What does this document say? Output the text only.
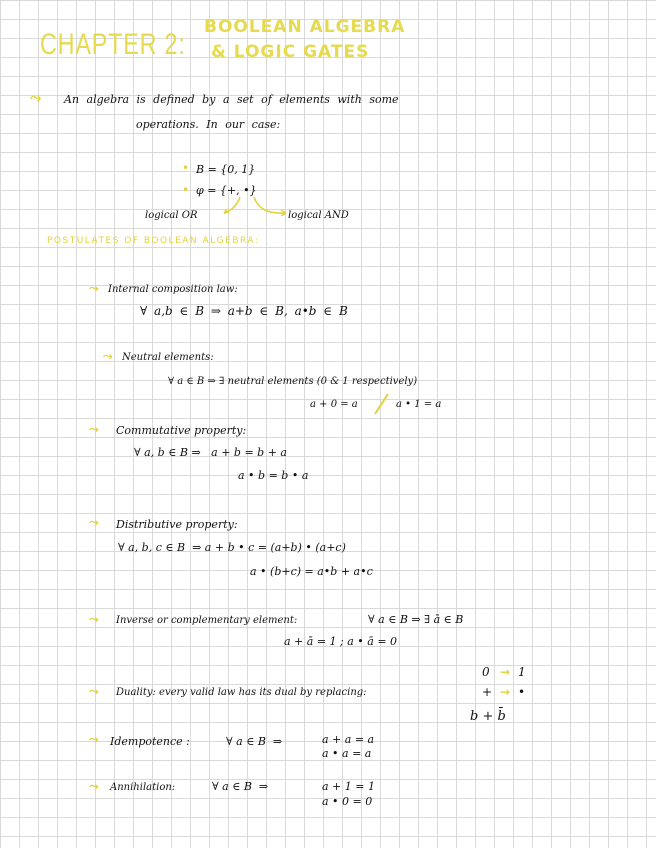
CHAPTER 2:
BOOLEAN ALGEBRA
& LOGIC GATES
⤳ An algebra is defined by a set of elements with some
operations. In our case:
• B = {0, 1}
• φ = {+, •}
logical OR	logical AND
POSTULATES OF BOOLEAN ALGEBRA:
⤳ Internal composition law:
∀ a,b ∈ B ⇒ a+b ∈ B, a•b ∈ B
⤳ Neutral elements:
∀ a ∈ B ⇒ ∃ neutral elements (0 & 1 respectively)
a + 0 = a	a • 1 = a
⤳ Commutative property:
∀ a, b ∈ B ⇒   a + b = b + a
a • b = b • a
⤳ Distributive property:
∀ a, b, c ∈ B  ⇒ a + b • c = (a+b) • (a+c)
a • (b+c) = a•b + a•c
⤳ Inverse or complementary element:	∀ a ∈ B ⇒ ∃ ā ∈ B
a + ā = 1 ; a • ā = 0
⤳ Duality: every valid law has its dual by replacing:
0 → 1
+ → •
b + b̄
⤳ Idempotence :	∀ a ∈ B  ⇒	a + a = a
a • a = a
⤳ Annihilation:	∀ a ∈ B  ⇒	a + 1 = 1
a • 0 = 0
